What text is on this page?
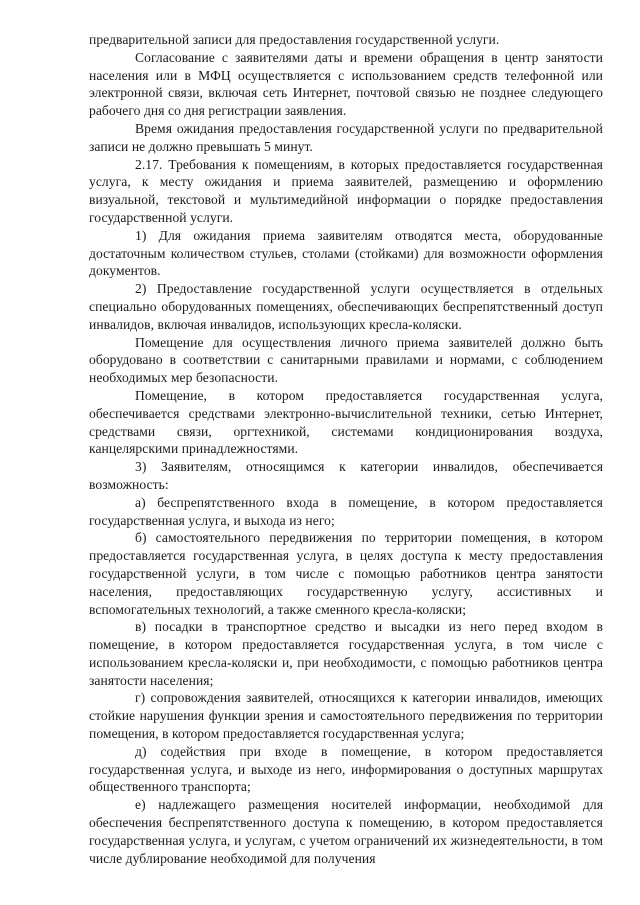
предварительной записи для предоставления государственной услуги.

Согласование с заявителями даты и времени обращения в центр занятости населения или в МФЦ осуществляется с использованием средств телефонной или электронной связи, включая сеть Интернет, почтовой связью не позднее следующего рабочего дня со дня регистрации заявления.

Время ожидания предоставления государственной услуги по предварительной записи не должно превышать 5 минут.

2.17. Требования к помещениям, в которых предоставляется государственная услуга, к месту ожидания и приема заявителей, размещению и оформлению визуальной, текстовой и мультимедийной информации о порядке предоставления государственной услуги.

1) Для ожидания приема заявителям отводятся места, оборудованные достаточным количеством стульев, столами (стойками) для возможности оформления документов.

2) Предоставление государственной услуги осуществляется в отдельных специально оборудованных помещениях, обеспечивающих беспрепятственный доступ инвалидов, включая инвалидов, использующих кресла-коляски.

Помещение для осуществления личного приема заявителей должно быть оборудовано в соответствии с санитарными правилами и нормами, с соблюдением необходимых мер безопасности.

Помещение, в котором предоставляется государственная услуга, обеспечивается средствами электронно-вычислительной техники, сетью Интернет, средствами связи, оргтехникой, системами кондиционирования воздуха, канцелярскими принадлежностями.

3) Заявителям, относящимся к категории инвалидов, обеспечивается возможность:

а) беспрепятственного входа в помещение, в котором предоставляется государственная услуга, и выхода из него;

б) самостоятельного передвижения по территории помещения, в котором предоставляется государственная услуга, в целях доступа к месту предоставления государственной услуги, в том числе с помощью работников центра занятости населения, предоставляющих государственную услугу, ассистивных и вспомогательных технологий, а также сменного кресла-коляски;

в) посадки в транспортное средство и высадки из него перед входом в помещение, в котором предоставляется государственная услуга, в том числе с использованием кресла-коляски и, при необходимости, с помощью работников центра занятости населения;

г) сопровождения заявителей, относящихся к категории инвалидов, имеющих стойкие нарушения функции зрения и самостоятельного передвижения по территории помещения, в котором предоставляется государственная услуга;

д) содействия при входе в помещение, в котором предоставляется государственная услуга, и выходе из него, информирования о доступных маршрутах общественного транспорта;

е) надлежащего размещения носителей информации, необходимой для обеспечения беспрепятственного доступа к помещению, в котором предоставляется государственная услуга, и услугам, с учетом ограничений их жизнедеятельности, в том числе дублирование необходимой для получения
